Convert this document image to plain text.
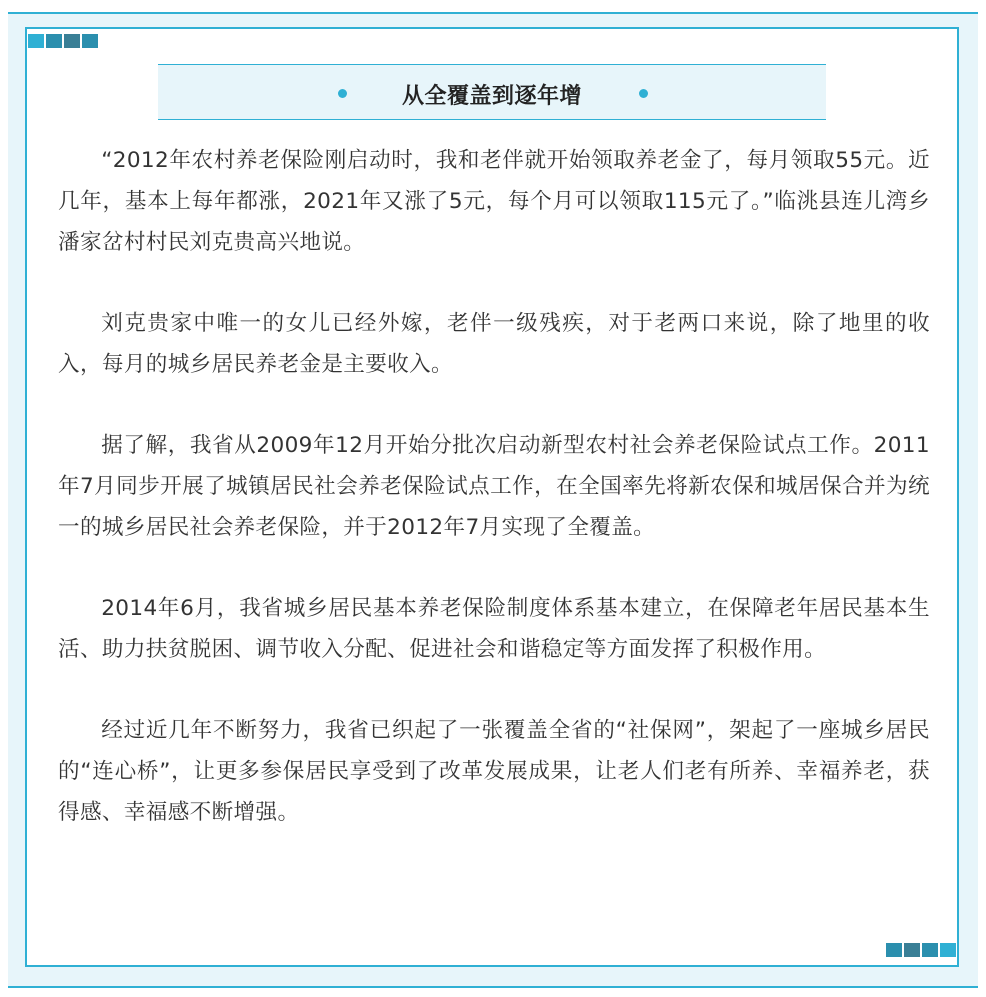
从全覆盖到逐年增

“2012年农村养老保险刚启动时，我和老伴就开始领取养老金了，每月领取55元。近几年，基本上每年都涨，2021年又涨了5元，每个月可以领取115元了。”临洮县连儿湾乡潘家岔村村民刘克贵高兴地说。

刘克贵家中唯一的女儿已经外嫁，老伴一级残疾，对于老两口来说，除了地里的收入，每月的城乡居民养老金是主要收入。

据了解，我省从2009年12月开始分批次启动新型农村社会养老保险试点工作。2011年7月同步开展了城镇居民社会养老保险试点工作，在全国率先将新农保和城居保合并为统一的城乡居民社会养老保险，并于2012年7月实现了全覆盖。

2014年6月，我省城乡居民基本养老保险制度体系基本建立，在保障老年居民基本生活、助力扶贫脱困、调节收入分配、促进社会和谐稳定等方面发挥了积极作用。

经过近几年不断努力，我省已织起了一张覆盖全省的“社保网”，架起了一座城乡居民的“连心桥”，让更多参保居民享受到了改革发展成果，让老人们老有所养、幸福养老，获得感、幸福感不断增强。
